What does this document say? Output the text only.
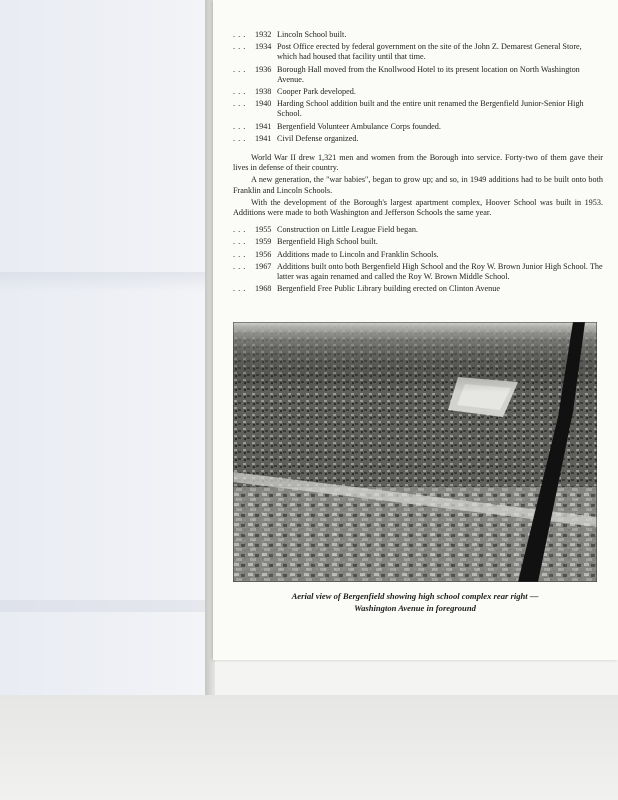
. . .	1932 Lincoln School built.
. . .	1934 Post Office erected by federal government on the site of the John Z. Demarest General Store, which had housed that facility until that time.
. . .	1936 Borough Hall moved from the Knollwood Hotel to its present location on North Washington Avenue.
. . .	1938 Cooper Park developed.
. . .	1940 Harding School addition built and the entire unit renamed the Bergenfield Junior-Senior High School.
. . .	1941 Bergenfield Volunteer Ambulance Corps founded.
. . .	1941 Civil Defense organized.

World War II drew 1,321 men and women from the Borough into service. Forty-two of them gave their lives in defense of their country.

A new generation, the "war babies", began to grow up; and so, in 1949 additions had to be built onto both Franklin and Lincoln Schools.

With the development of the Borough's largest apartment complex, Hoover School was built in 1953. Additions were made to both Washington and Jefferson Schools the same year.

. . .	1955 Construction on Little League Field began.
. . .	1959 Bergenfield High School built.
. . .	1956 Additions made to Lincoln and Franklin Schools.
. . .	1967 Additions built onto both Bergenfield High School and the Roy W. Brown Junior High School. The latter was again renamed and called the Roy W. Brown Middle School.
. . .	1968 Bergenfield Free Public Library building erected on Clinton Avenue
Aerial view of Bergenfield showing high school complex rear right —
Washington Avenue in foreground
